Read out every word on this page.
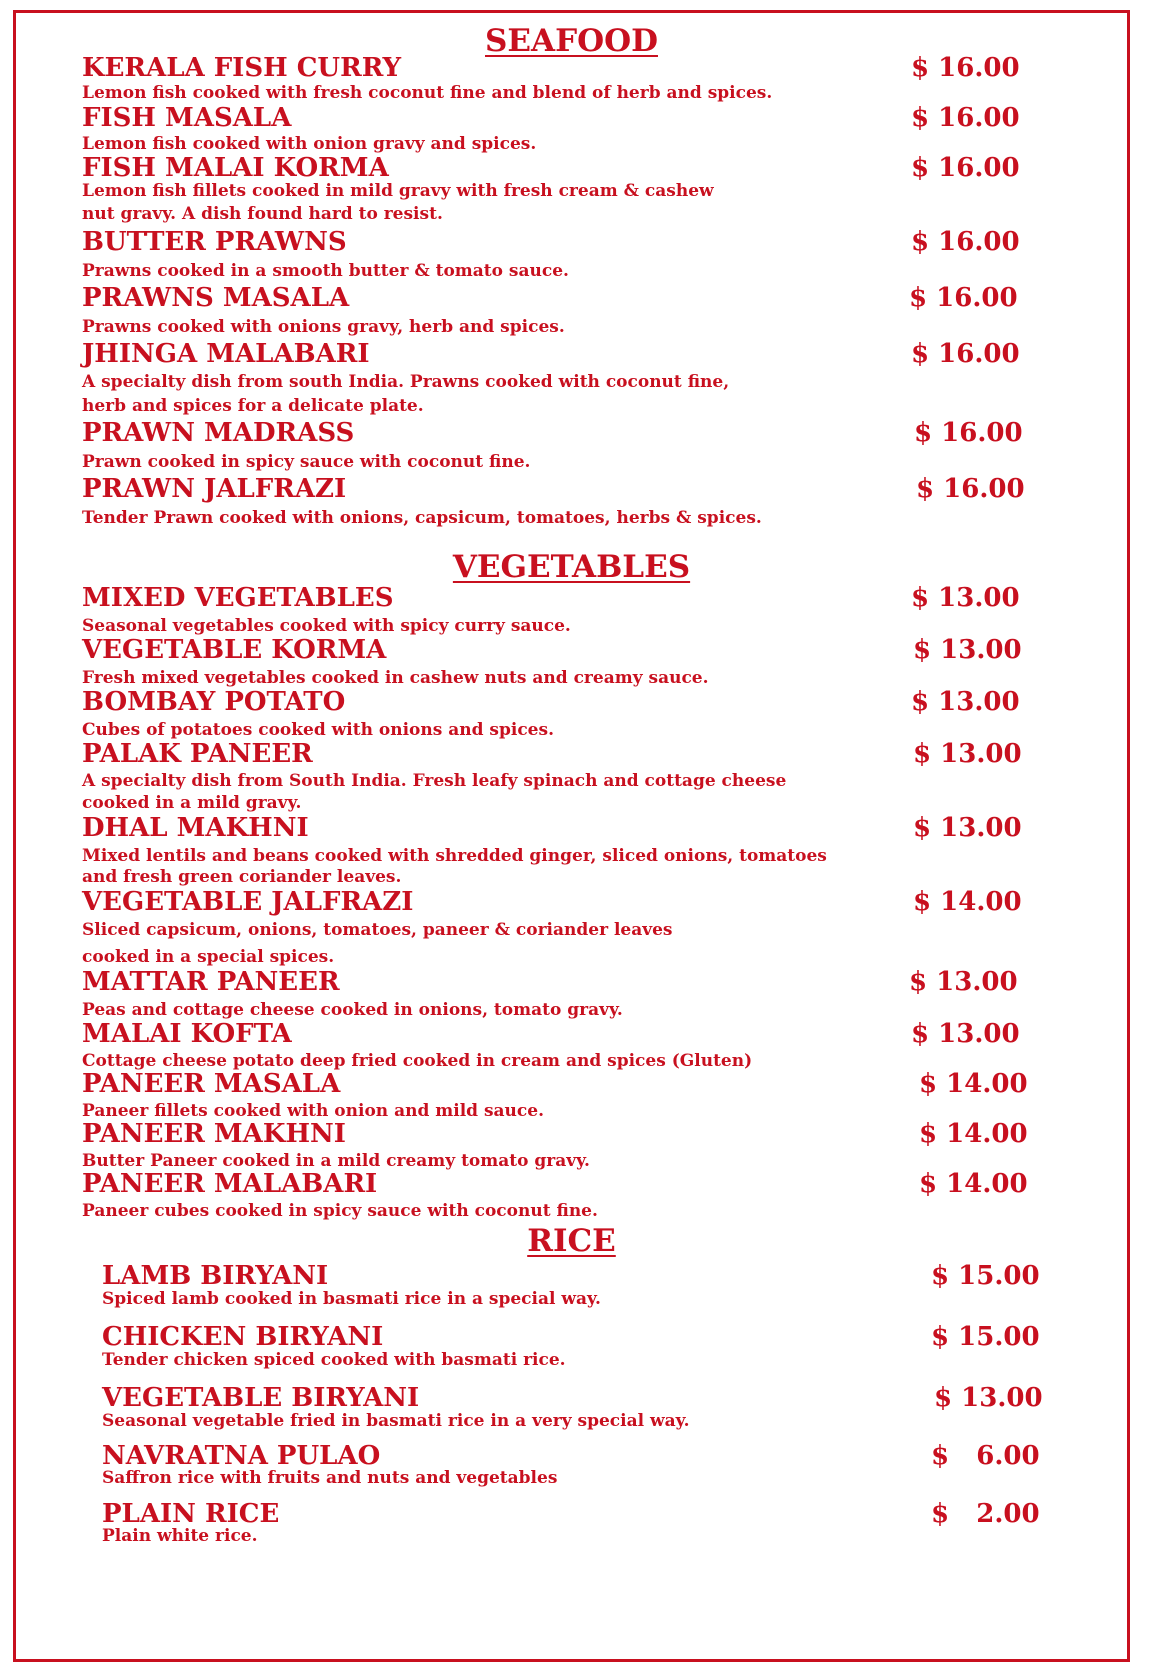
SEAFOOD
KERALA FISH CURRY	$ 16.00
Lemon fish cooked with fresh coconut fine and blend of herb and spices.
FISH MASALA	$ 16.00
Lemon fish cooked with onion gravy and spices.
FISH MALAI KORMA	$ 16.00
Lemon fish fillets cooked in mild gravy with fresh cream & cashew
nut gravy. A dish found hard to resist.
BUTTER PRAWNS	$ 16.00
Prawns cooked in a smooth butter & tomato sauce.
PRAWNS MASALA	$ 16.00
Prawns cooked with onions gravy, herb and spices.
JHINGA MALABARI	$ 16.00
A specialty dish from south India. Prawns cooked with coconut fine,
herb and spices for a delicate plate.
PRAWN MADRASS	$ 16.00
Prawn cooked in spicy sauce with coconut fine.
PRAWN JALFRAZI	$ 16.00
Tender Prawn cooked with onions, capsicum, tomatoes, herbs & spices.
VEGETABLES
MIXED VEGETABLES	$ 13.00
Seasonal vegetables cooked with spicy curry sauce.
VEGETABLE KORMA	$ 13.00
Fresh mixed vegetables cooked in cashew nuts and creamy sauce.
BOMBAY POTATO	$ 13.00
Cubes of potatoes cooked with onions and spices.
PALAK PANEER	$ 13.00
A specialty dish from South India. Fresh leafy spinach and cottage cheese
cooked in a mild gravy.
DHAL MAKHNI	$ 13.00
Mixed lentils and beans cooked with shredded ginger, sliced onions, tomatoes
and fresh green coriander leaves.
VEGETABLE JALFRAZI	$ 14.00
Sliced capsicum, onions, tomatoes, paneer & coriander leaves
cooked in a special spices.
MATTAR PANEER	$ 13.00
Peas and cottage cheese cooked in onions, tomato gravy.
MALAI KOFTA	$ 13.00
Cottage cheese potato deep fried cooked in cream and spices (Gluten)
PANEER MASALA	$ 14.00
Paneer fillets cooked with onion and mild sauce.
PANEER MAKHNI	$ 14.00
Butter Paneer cooked in a mild creamy tomato gravy.
PANEER MALABARI	$ 14.00
Paneer cubes cooked in spicy sauce with coconut fine.
RICE
LAMB BIRYANI	$ 15.00
Spiced lamb cooked in basmati rice in a special way.
CHICKEN BIRYANI	$ 15.00
Tender chicken spiced cooked with basmati rice.
VEGETABLE BIRYANI	$ 13.00
Seasonal vegetable fried in basmati rice in a very special way.
NAVRATNA PULAO	$   6.00
Saffron rice with fruits and nuts and vegetables
PLAIN RICE	$   2.00
Plain white rice.
